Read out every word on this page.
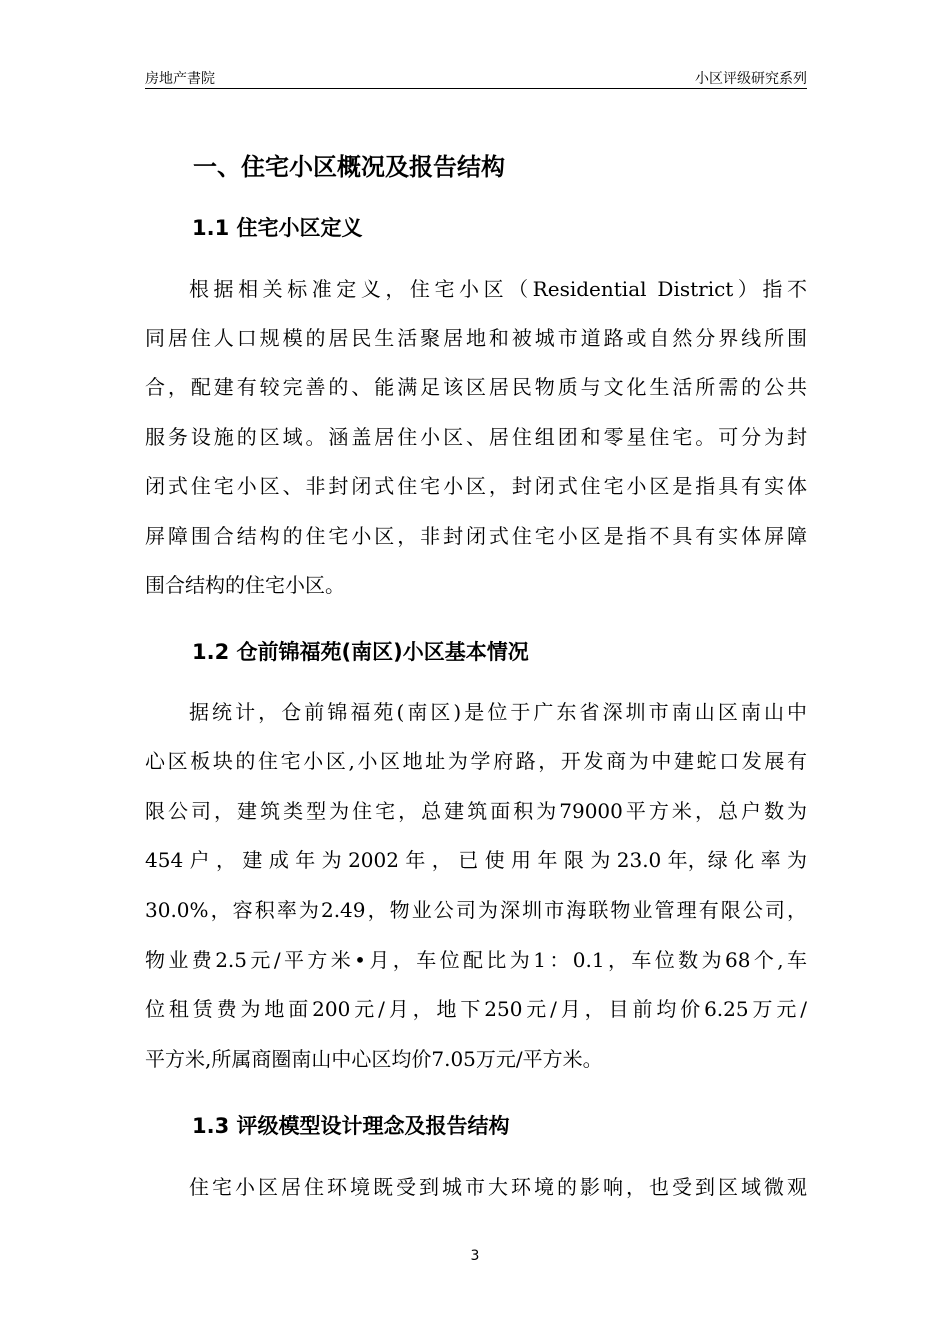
房地产書院	小区评级研究系列
一、住宅小区概况及报告结构
1.1 住宅小区定义
根据相关标准定义，住宅小区（Residential District）指不
同居住人口规模的居民生活聚居地和被城市道路或自然分界线所围
合，配建有较完善的、能满足该区居民物质与文化生活所需的公共
服务设施的区域。涵盖居住小区、居住组团和零星住宅。可分为封
闭式住宅小区、非封闭式住宅小区，封闭式住宅小区是指具有实体
屏障围合结构的住宅小区，非封闭式住宅小区是指不具有实体屏障
围合结构的住宅小区。
1.2 仓前锦福苑(南区)小区基本情况
据统计，仓前锦福苑(南区)是位于广东省深圳市南山区南山中
心区板块的住宅小区,小区地址为学府路，开发商为中建蛇口发展有
限公司，建筑类型为住宅，总建筑面积为79000平方米，总户数为
454 户 ， 建 成 年 为 2002 年 ， 已 使 用 年 限 为 23.0 年，绿 化 率 为
30.0%，容积率为2.49，物业公司为深圳市海联物业管理有限公司，
物业费2.5元/平方米•月，车位配比为1：0.1，车位数为68个,车
位租赁费为地面200元/月，地下250元/月，目前均价6.25万元/
平方米,所属商圈南山中心区均价7.05万元/平方米。
1.3 评级模型设计理念及报告结构
住宅小区居住环境既受到城市大环境的影响，也受到区域微观
3
